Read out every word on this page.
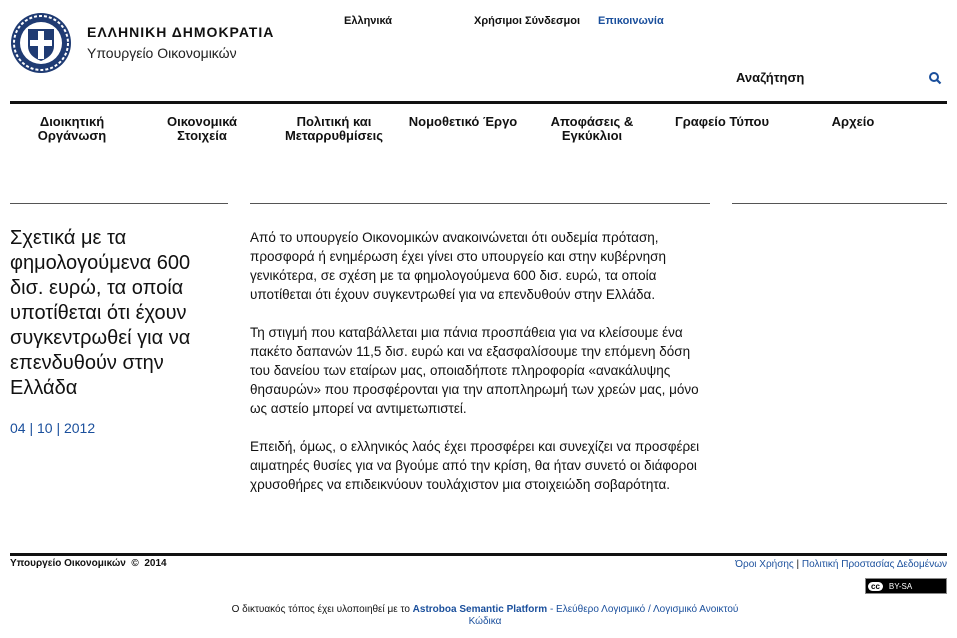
ΕΛΛΗΝΙΚΗ ΔΗΜΟΚΡΑΤΙΑ
Υπουργείο Οικονομικών
Ελληνικά	Χρήσιμοι Σύνδεσμοι Επικοινωνία
Αναζήτηση
Διοικητική
Οργάνωση
Οικονομικά
Στοιχεία
Πολιτική και
Μεταρρυθμίσεις
Νομοθετικό Έργο	Αποφάσεις &
Εγκύκλιοι
Γραφείο Τύπου	Αρχείο
Σχετικά με τα φημολογούμενα 600 δισ. ευρώ, τα οποία υποτίθεται ότι έχουν συγκεντρωθεί για να επενδυθούν στην Ελλάδα
04 | 10 | 2012

Από το υπουργείο Οικονομικών ανακοινώνεται ότι ουδεμία πρόταση, προσφορά ή ενημέρωση έχει γίνει στο υπουργείο και στην κυβέρνηση γενικότερα, σε σχέση με τα φημολογούμενα 600 δισ. ευρώ, τα οποία υποτίθεται ότι έχουν συγκεντρωθεί για να επενδυθούν στην Ελλάδα.

Τη στιγμή που καταβάλλεται μια πάνια προσπάθεια για να κλείσουμε ένα πακέτο δαπανών 11,5 δισ. ευρώ και να εξασφαλίσουμε την επόμενη δόση του δανείου των εταίρων μας, οποιαδήποτε πληροφορία «ανακάλυψης θησαυρών» που προσφέρονται για την αποπληρωμή των χρεών μας, μόνο ως αστείο μπορεί να αντιμετωπιστεί.

Επειδή, όμως, ο ελληνικός λαός έχει προσφέρει και συνεχίζει να προσφέρει αιματηρές θυσίες για να βγούμε από την κρίση, θα ήταν συνετό οι διάφοροι χρυσοθήρες να επιδεικνύουν τουλάχιστον μια στοιχειώδη σοβαρότητα.

Υπουργείο Οικονομικών  ©  2014	Όροι Χρήσης | Πολιτική Προστασίας Δεδομένων
cc	BY-SA
Ο δικτυακός τόπος έχει υλοποιηθεί με το Astroboa Semantic Platform - Ελεύθερο Λογισμικό / Λογισμικό Ανοικτού Κώδικα
